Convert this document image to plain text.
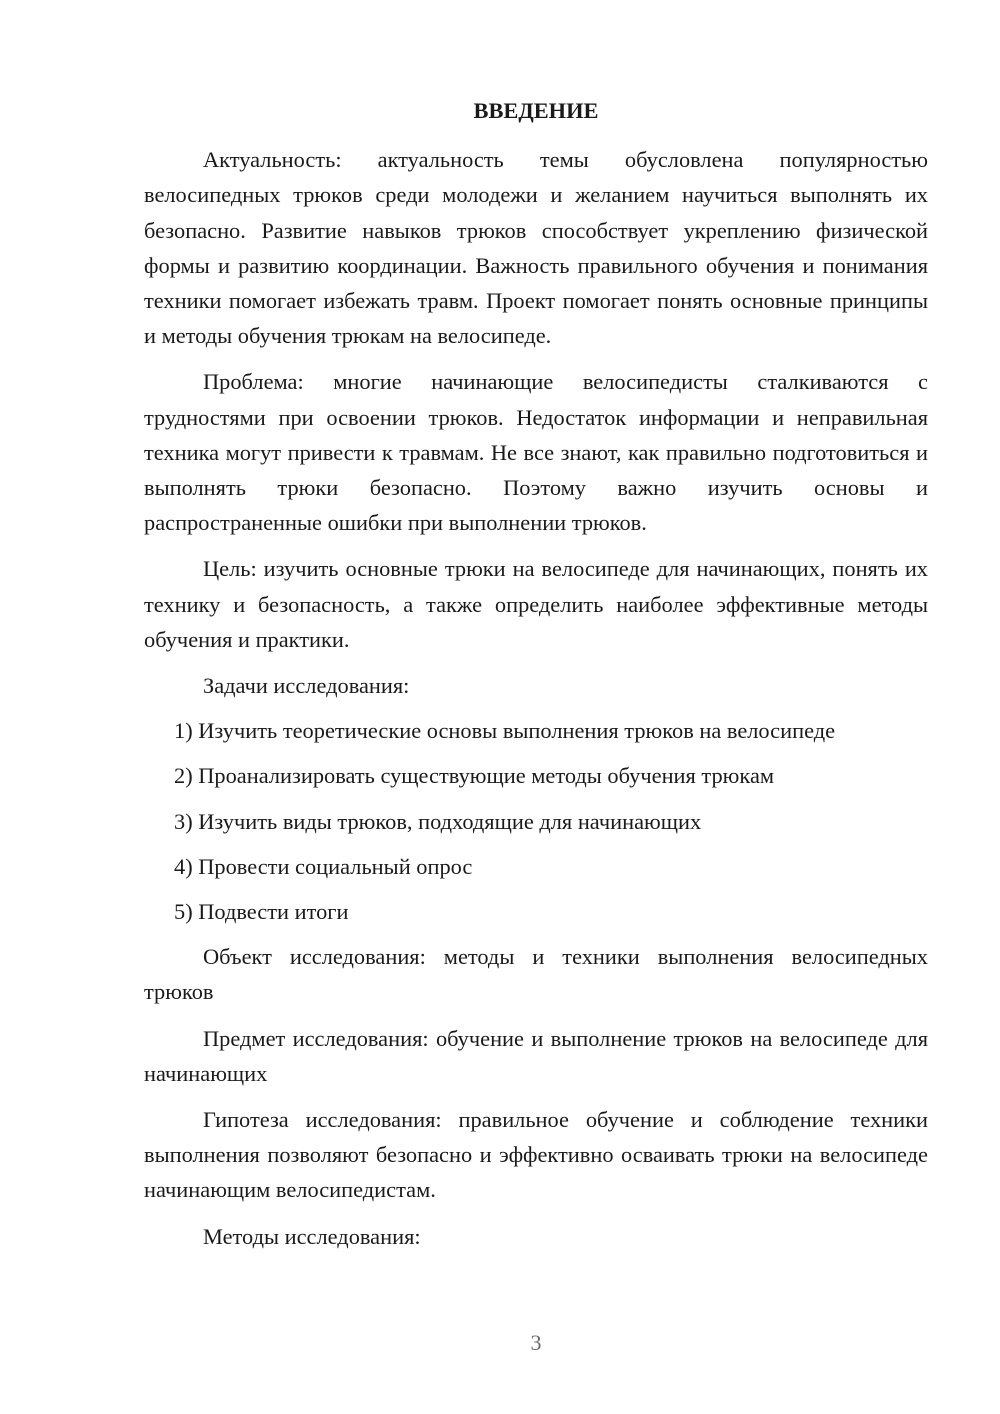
ВВЕДЕНИЕ

Актуальность: актуальность темы обусловлена популярностью велосипедных трюков среди молодежи и желанием научиться выполнять их безопасно. Развитие навыков трюков способствует укреплению физической формы и развитию координации. Важность правильного обучения и понимания техники помогает избежать травм. Проект помогает понять основные принципы и методы обучения трюкам на велосипеде.

Проблема: многие начинающие велосипедисты сталкиваются с трудностями при освоении трюков. Недостаток информации и неправильная техника могут привести к травмам. Не все знают, как правильно подготовиться и выполнять трюки безопасно. Поэтому важно изучить основы и распространенные ошибки при выполнении трюков.

Цель: изучить основные трюки на велосипеде для начинающих, понять их технику и безопасность, а также определить наиболее эффективные методы обучения и практики.

Задачи исследования:

1) Изучить теоретические основы выполнения трюков на велосипеде
2) Проанализировать существующие методы обучения трюкам
3) Изучить виды трюков, подходящие для начинающих
4) Провести социальный опрос
5) Подвести итоги

Объект исследования: методы и техники выполнения велосипедных трюков

Предмет исследования: обучение и выполнение трюков на велосипеде для начинающих

Гипотеза исследования: правильное обучение и соблюдение техники выполнения позволяют безопасно и эффективно осваивать трюки на велосипеде начинающим велосипедистам.

Методы исследования:

3
